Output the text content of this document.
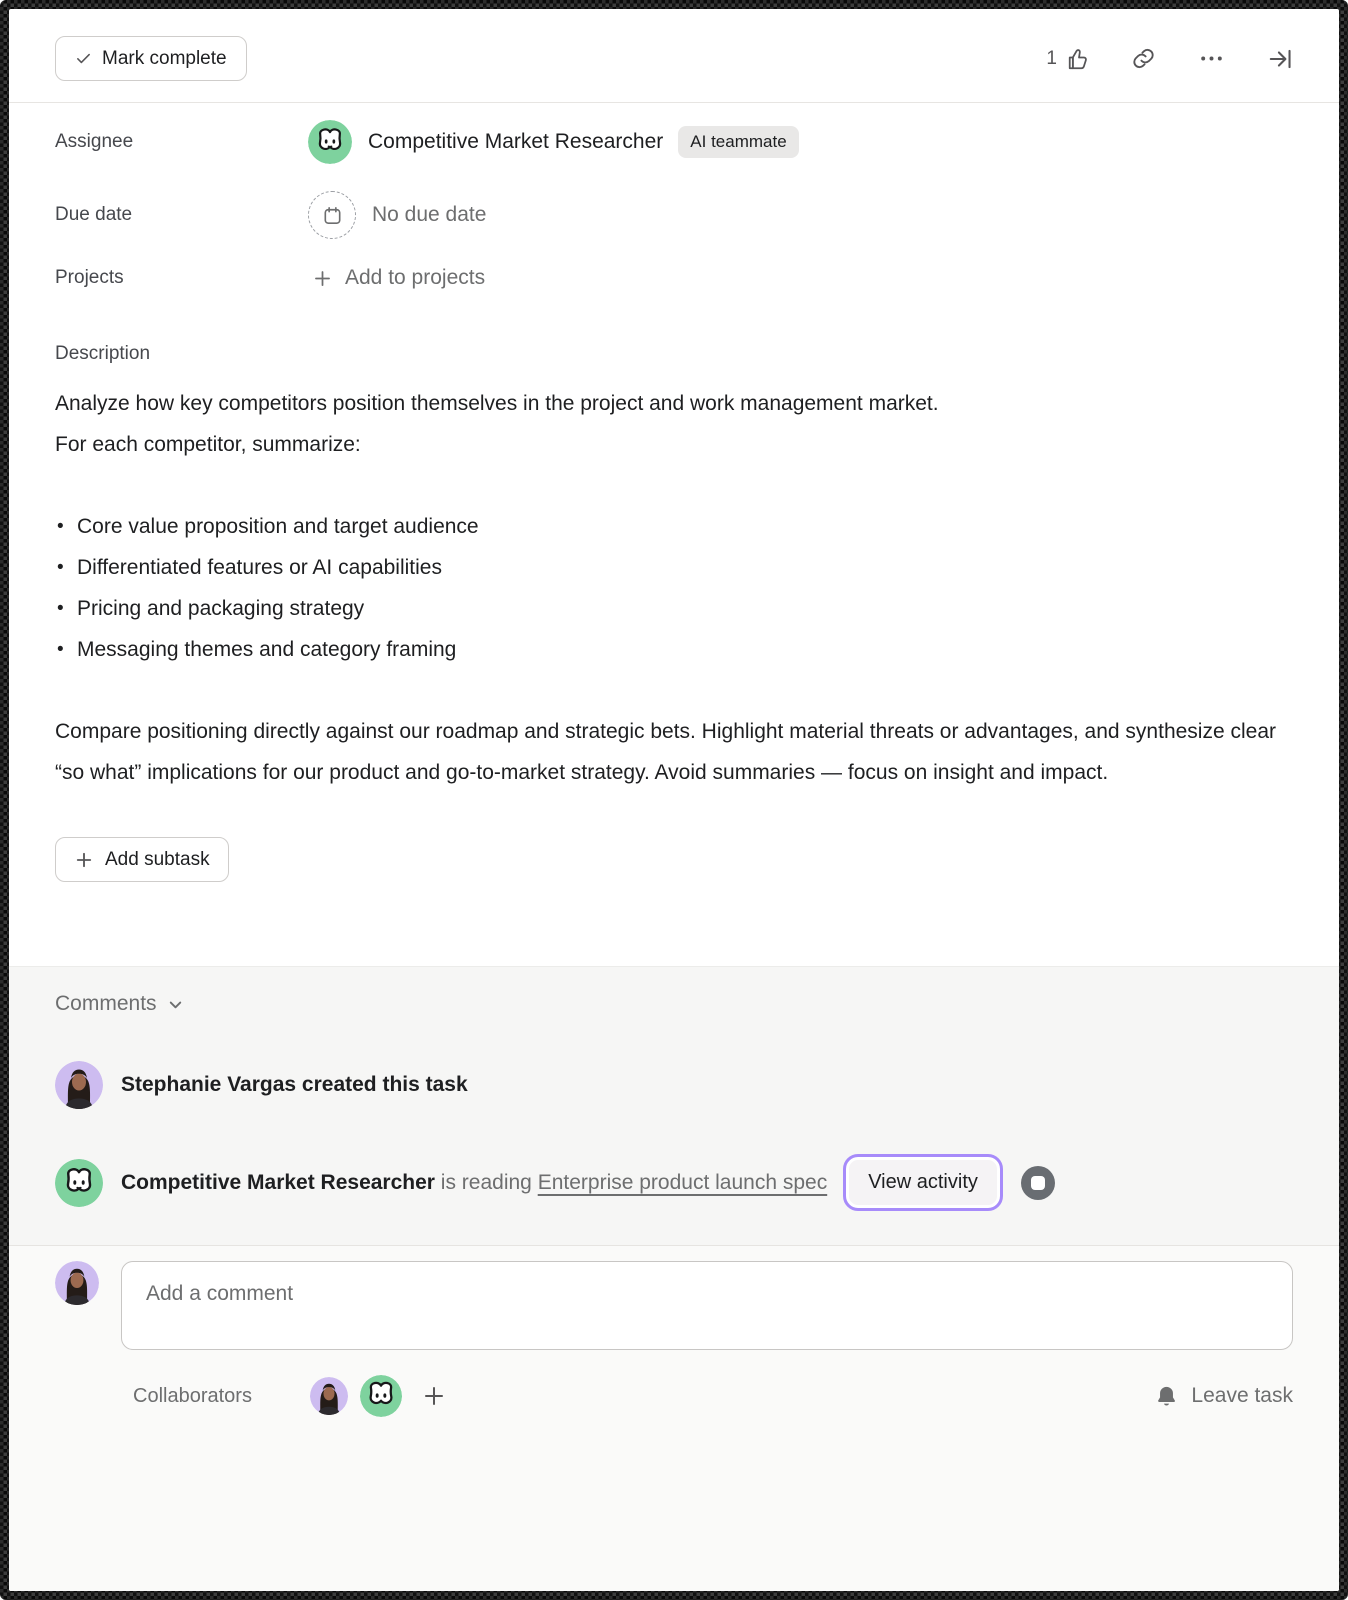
Mark complete	1
Assignee	Competitive Market Researcher	AI teammate
Due date	No due date
Projects	Add to projects
Description
Analyze how key competitors position themselves in the project and work management market.
For each competitor, summarize:
• Core value proposition and target audience
• Differentiated features or AI capabilities
• Pricing and packaging strategy
• Messaging themes and category framing
Compare positioning directly against our roadmap and strategic bets. Highlight material threats or advantages, and synthesize clear “so what” implications for our product and go-to-market strategy. Avoid summaries — focus on insight and impact.
Add subtask
Comments
Stephanie Vargas created this task
Competitive Market Researcher is reading Enterprise product launch spec	View activity
Add a comment
Collaborators	Leave task
